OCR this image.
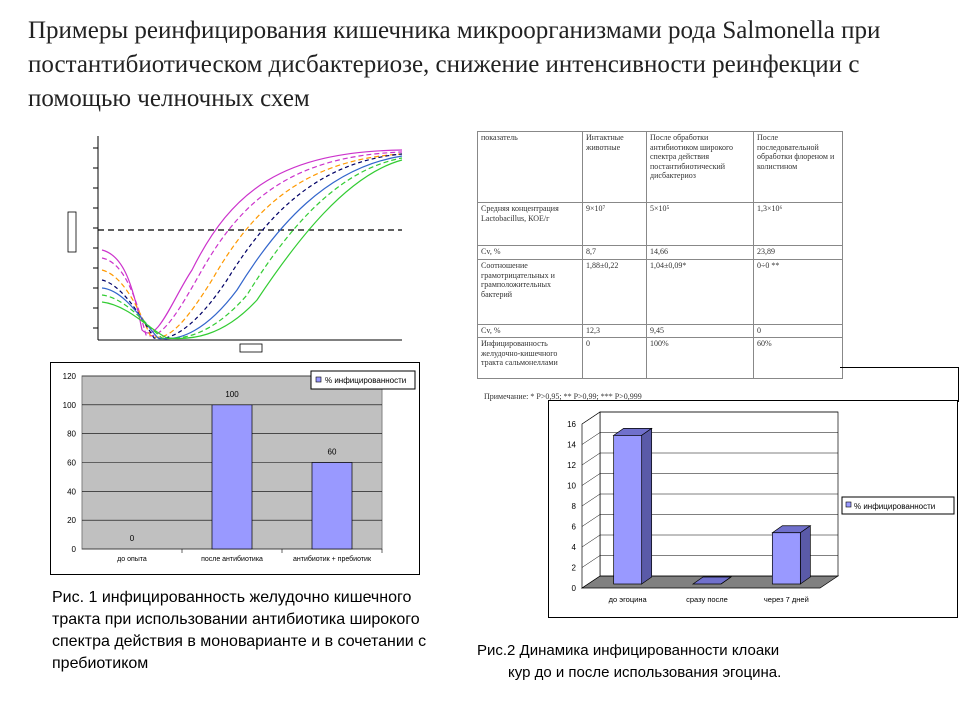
Примеры реинфицирования кишечника микроорганизмами рода Salmonella при постантибиотическом дисбактериозе, снижение интенсивности реинфекции с помощью челночных схем
0
20
40
60
80
100
120
до опыта	после антибиотика	антибиотик + пребиотик
0
100
60
% инфицированности
показатель	Интактные животные	После обработки антибиотиком широкого спектра действия постантибиотический дисбактериоз	После последовательной обработки флореном и колистином
Средняя концентрация Lactobacillus, КОЕ/г	9×10⁷	5×10⁵	1,3×10⁶
Cv, %	8,7	14,66	23,89
Соотношение грамотрицательных и грамположительных бактерий	1,88±0,22	1,04±0,09*	0÷0 **
Cv, %	12,3	9,45	0
Инфицированность желудочно-кишечного тракта сальмонеллами	0	100%	60%
Примечание: * P>0,95; ** P>0,99; *** P>0,999
0
2
4
6
8
10
12
14
16
до эгоцина	сразу после	через 7 дней
% инфицированности
Рис. 1 инфицированность желудочно кишечного тракта при использовании антибиотика широкого спектра действия в моноварианте и в сочетании с пребиотиком
Рис.2 Динамика инфицированности клоаки
кур до и после использования эгоцина.
